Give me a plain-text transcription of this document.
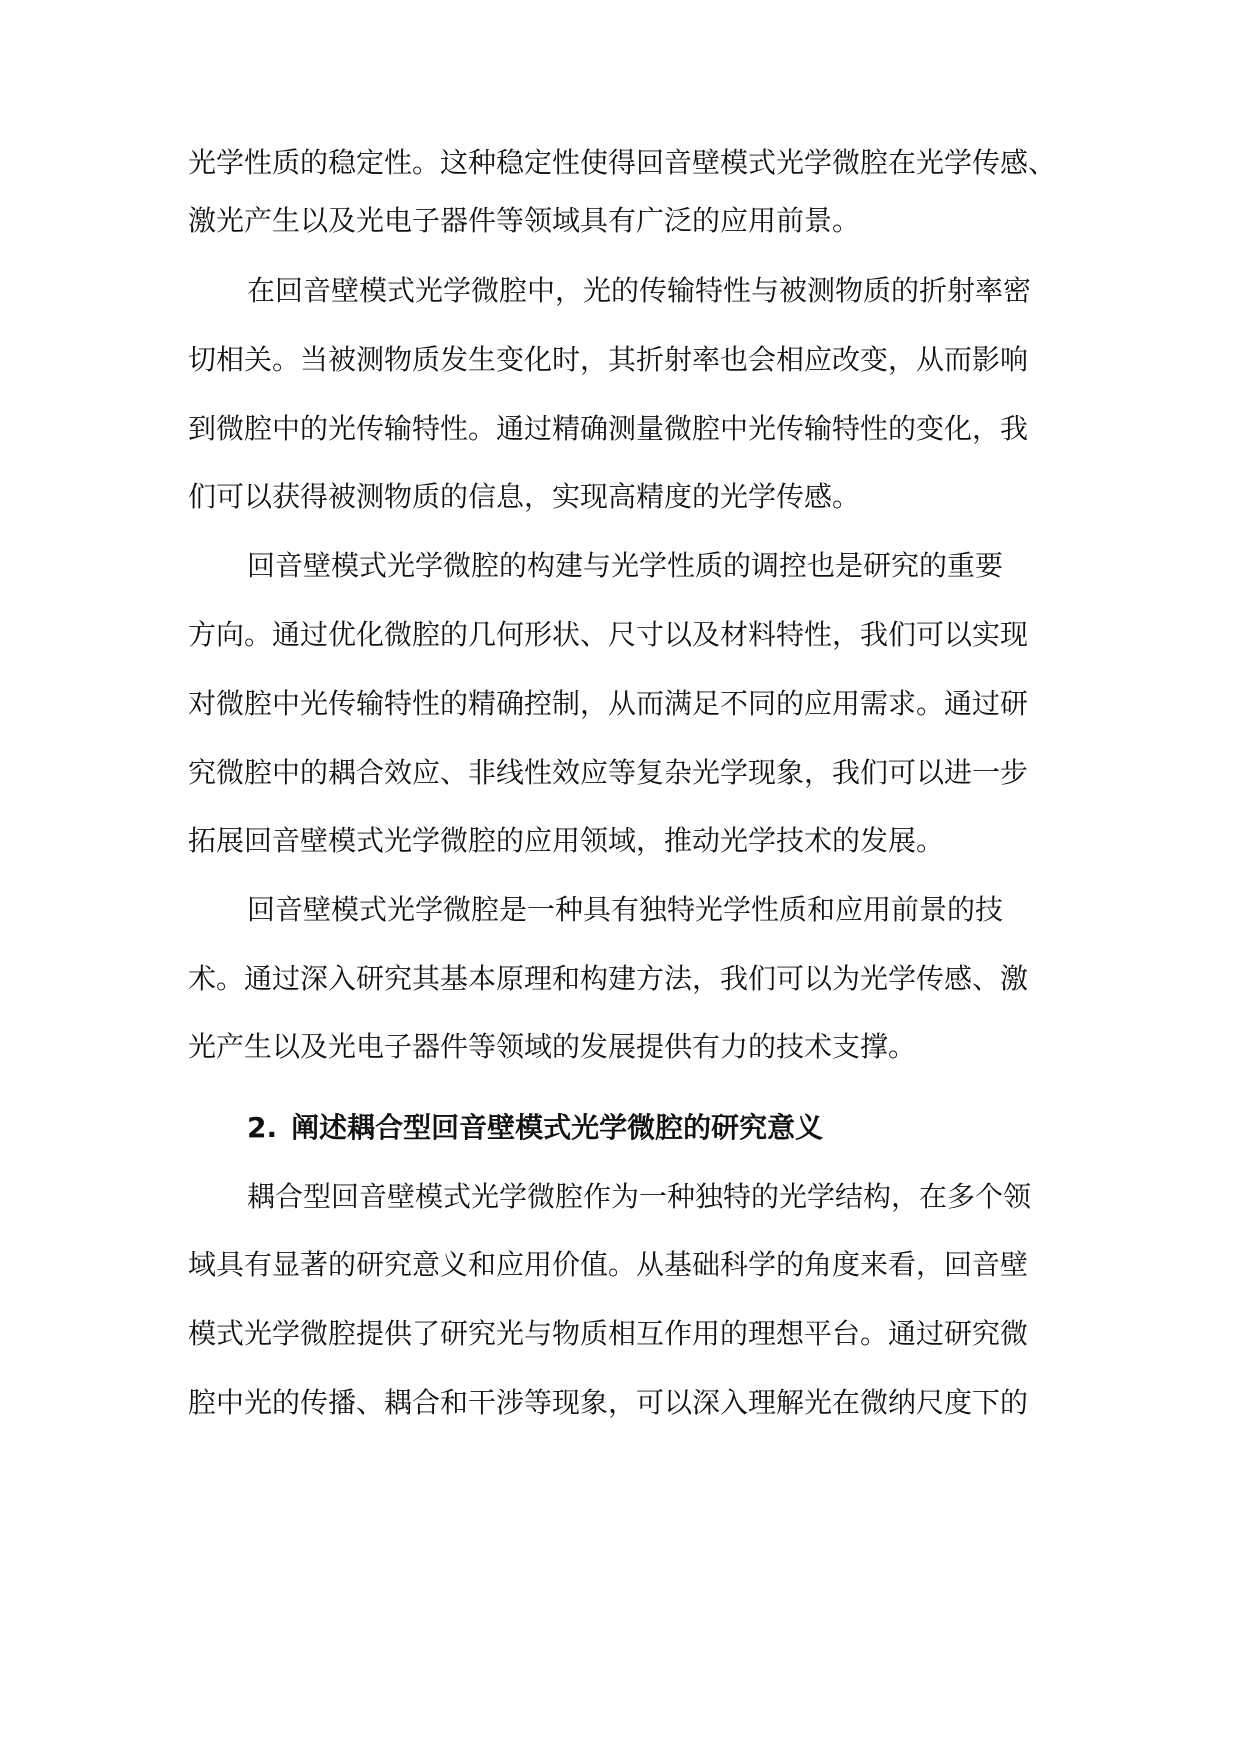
光学性质的稳定性。这种稳定性使得回音壁模式光学微腔在光学传感、

激光产生以及光电子器件等领域具有广泛的应用前景。

在回音壁模式光学微腔中，光的传输特性与被测物质的折射率密

切相关。当被测物质发生变化时，其折射率也会相应改变，从而影响

到微腔中的光传输特性。通过精确测量微腔中光传输特性的变化，我

们可以获得被测物质的信息，实现高精度的光学传感。

回音壁模式光学微腔的构建与光学性质的调控也是研究的重要

方向。通过优化微腔的几何形状、尺寸以及材料特性，我们可以实现

对微腔中光传输特性的精确控制，从而满足不同的应用需求。通过研

究微腔中的耦合效应、非线性效应等复杂光学现象，我们可以进一步

拓展回音壁模式光学微腔的应用领域，推动光学技术的发展。

回音壁模式光学微腔是一种具有独特光学性质和应用前景的技

术。通过深入研究其基本原理和构建方法，我们可以为光学传感、激

光产生以及光电子器件等领域的发展提供有力的技术支撑。

2. 阐述耦合型回音壁模式光学微腔的研究意义

耦合型回音壁模式光学微腔作为一种独特的光学结构，在多个领

域具有显著的研究意义和应用价值。从基础科学的角度来看，回音壁

模式光学微腔提供了研究光与物质相互作用的理想平台。通过研究微

腔中光的传播、耦合和干涉等现象，可以深入理解光在微纳尺度下的
